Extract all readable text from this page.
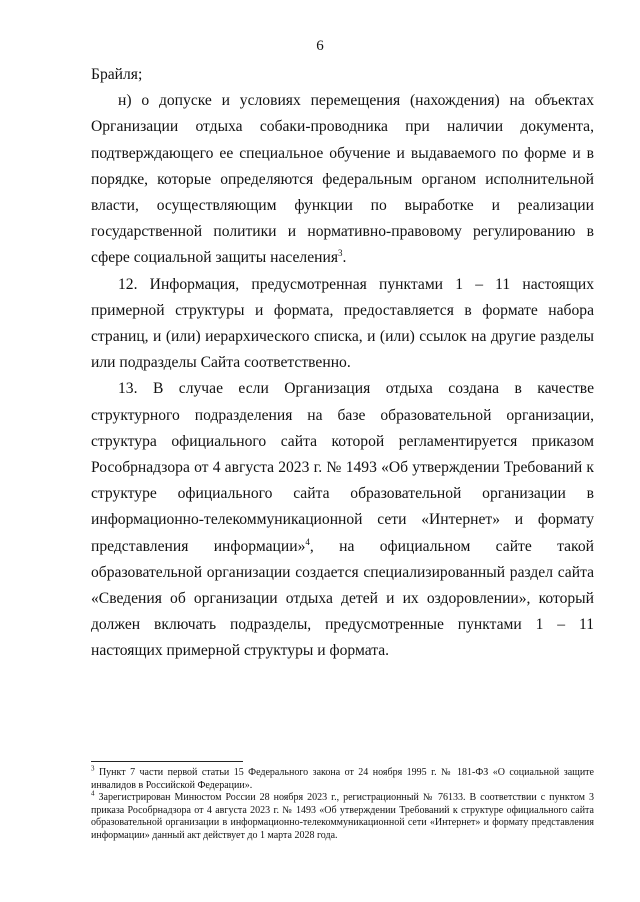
6

Брайля;

н) о допуске и условиях перемещения (нахождения) на объектах Организации отдыха собаки-проводника при наличии документа, подтверждающего ее специальное обучение и выдаваемого по форме и в порядке, которые определяются федеральным органом исполнительной власти, осуществляющим функции по выработке и реализации государственной политики и нормативно-правовому регулированию в сфере социальной защиты населения$^3$.

12. Информация, предусмотренная пунктами 1 – 11 настоящих примерной структуры и формата, предоставляется в формате набора страниц, и (или) иерархического списка, и (или) ссылок на другие разделы или подразделы Сайта соответственно.

13. В случае если Организация отдыха создана в качестве структурного подразделения на базе образовательной организации, структура официального сайта которой регламентируется приказом Рособрнадзора от 4 августа 2023 г. № 1493 «Об утверждении Требований к структуре официального сайта образовательной организации в информационно-телекоммуникационной сети «Интернет» и формату представления информации»$^4$, на официальном сайте такой образовательной организации создается специализированный раздел сайта «Сведения об организации отдыха детей и их оздоровлении», который должен включать подразделы, предусмотренные пунктами 1 – 11 настоящих примерной структуры и формата.

$^3$ Пункт 7 части первой статьи 15 Федерального закона от 24 ноября 1995 г. № 181-ФЗ «О социальной защите инвалидов в Российской Федерации».

$^4$ Зарегистрирован Минюстом России 28 ноября 2023 г., регистрационный № 76133. В соответствии с пунктом 3 приказа Рособрнадзора от 4 августа 2023 г. № 1493 «Об утверждении Требований к структуре официального сайта образовательной организации в информационно-телекоммуникационной сети «Интернет» и формату представления информации» данный акт действует до 1 марта 2028 года.
